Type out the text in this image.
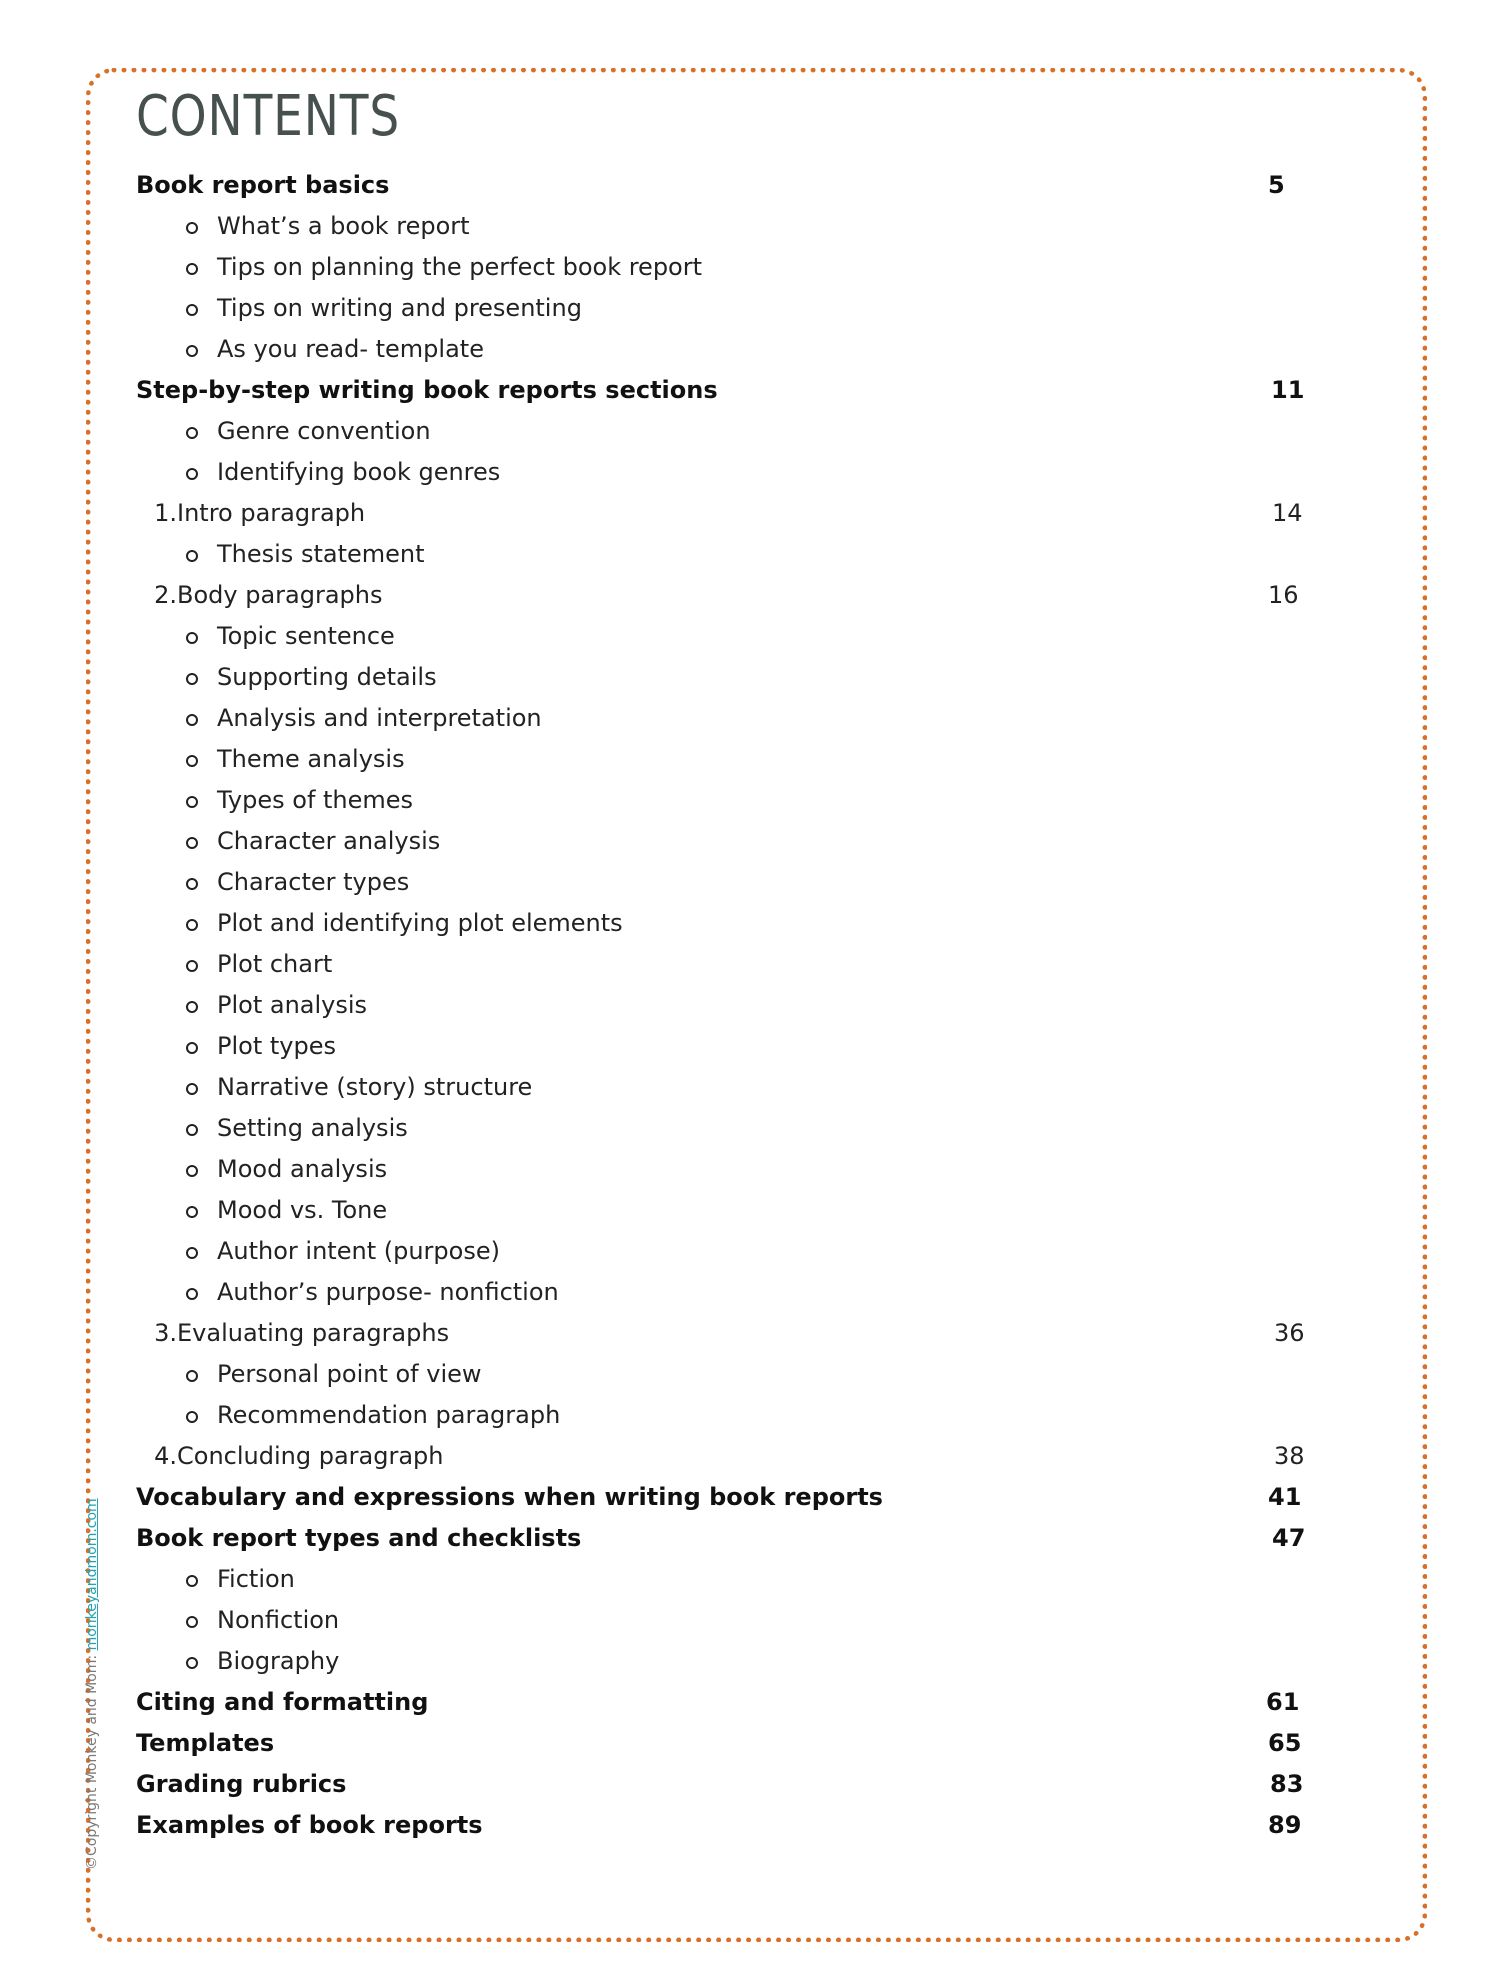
CONTENTS
Book report basics	5
What’s a book report
Tips on planning the perfect book report
Tips on writing and presenting
As you read- template
Step-by-step writing book reports sections	11
Genre convention
Identifying book genres
1. Intro paragraph	14
Thesis statement
2. Body paragraphs	16
Topic sentence
Supporting details
Analysis and interpretation
Theme analysis
Types of themes
Character analysis
Character types
Plot and identifying plot elements
Plot chart
Plot analysis
Plot types
Narrative (story) structure
Setting analysis
Mood analysis
Mood vs. Tone
Author intent (purpose)
Author’s purpose- nonfiction
3. Evaluating paragraphs	36
Personal point of view
Recommendation paragraph
4. Concluding paragraph	38
Vocabulary and expressions when writing book reports	41
Book report types and checklists	47
Fiction
Nonfiction
Biography
Citing and formatting	61
Templates	65
Grading rubrics	83
Examples of book reports	89
©Copyright Monkey and Mom: monkeyandmom.com
